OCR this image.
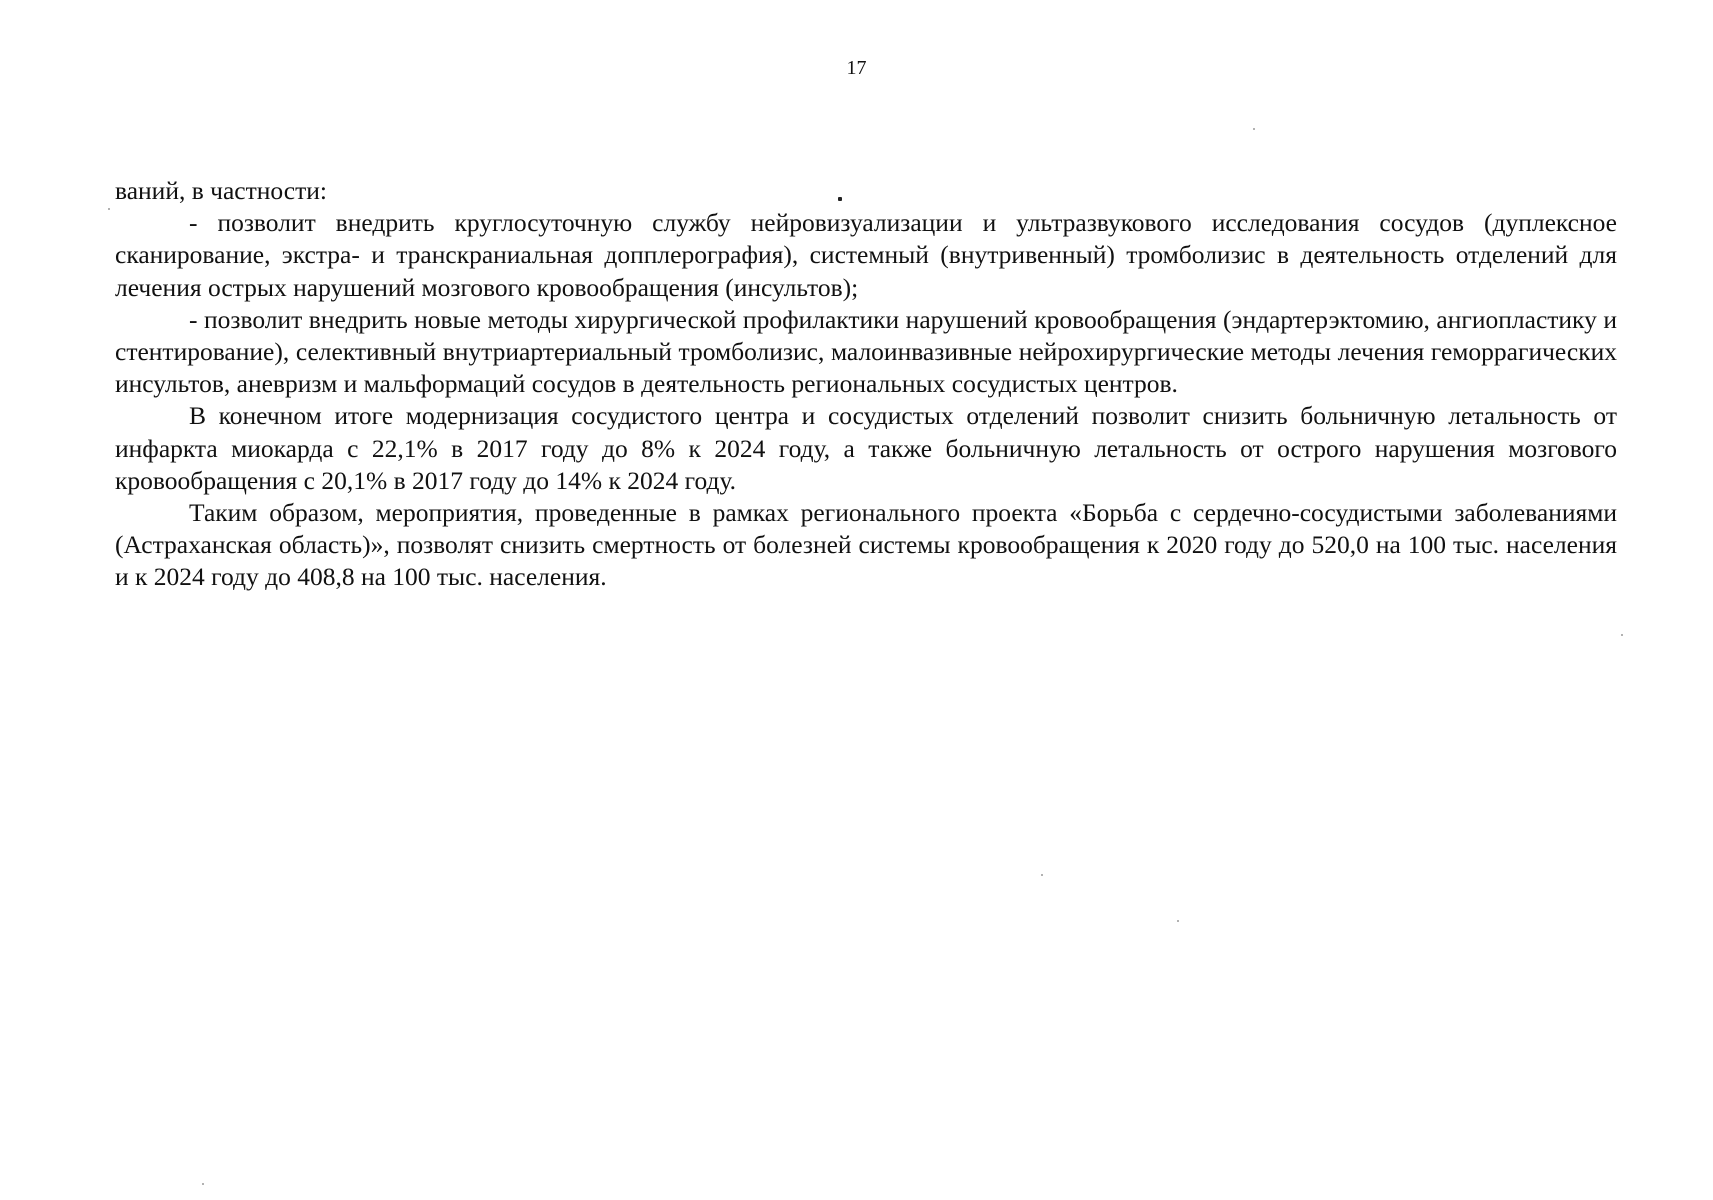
17

ваний, в частности:

- позволит внедрить круглосуточную службу нейровизуализации и ультразвукового исследования сосудов (дуплексное сканирование, экстра- и транскраниальная допплерография), системный (внутривенный) тромболизис в деятельность отделений для лечения острых нарушений мозгового кровообращения (инсультов);

- позволит внедрить новые методы хирургической профилактики нарушений кровообращения (эндартерэктомию, ангиопластику и стентирование), селективный внутриартериальный тромболизис, малоинвазивные нейрохирургические методы лечения геморрагических инсультов, аневризм и мальформаций сосудов в деятельность региональных сосудистых центров.

В конечном итоге модернизация сосудистого центра и сосудистых отделений позволит снизить больничную летальность от инфаркта миокарда с 22,1% в 2017 году до 8% к 2024 году, а также больничную летальность от острого нарушения мозгового кровообращения с 20,1% в 2017 году до 14% к 2024 году.

Таким образом, мероприятия, проведенные в рамках регионального проекта «Борьба с сердечно-сосудистыми заболеваниями (Астраханская область)», позволят снизить смертность от болезней системы кровообращения к 2020 году до 520,0 на 100 тыс. населения и к 2024 году до 408,8 на 100 тыс. населения.
